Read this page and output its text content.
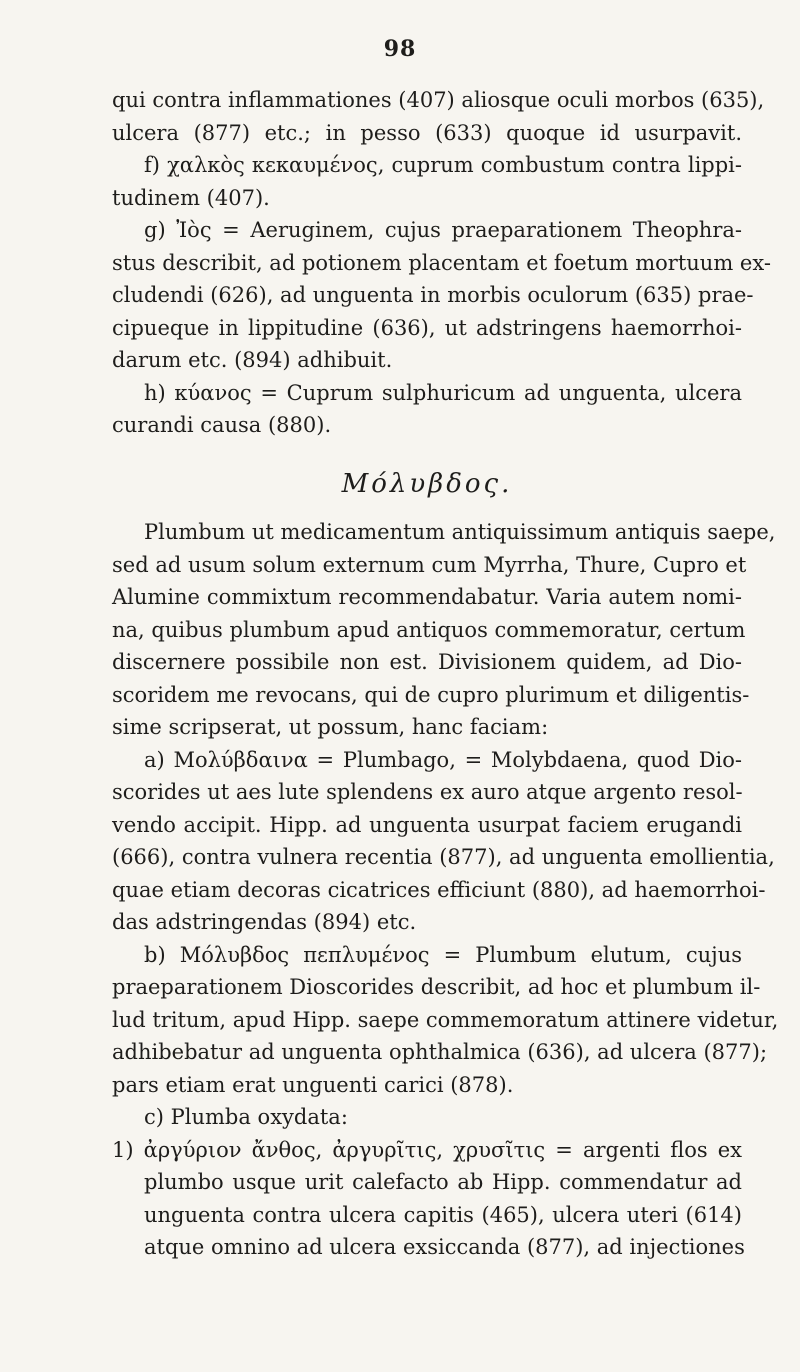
98
qui contra inflammationes (407) aliosque oculi morbos (635),
ulcera (877) etc.; in pesso (633) quoque id usurpavit.
f) χαλκὸς κεκαυμένος, cuprum combustum contra lippi-
tudinem (407).
g) Ἰὸς = Aeruginem, cujus praeparationem Theophra-
stus describit, ad potionem placentam et foetum mortuum ex-
cludendi (626), ad unguenta in morbis oculorum (635) prae-
cipueque in lippitudine (636), ut adstringens haemorrhoi-
darum etc. (894) adhibuit.
h) κύανος = Cuprum sulphuricum ad unguenta, ulcera
curandi causa (880).
Μόλυβδος.
Plumbum ut medicamentum antiquissimum antiquis saepe,
sed ad usum solum externum cum Myrrha, Thure, Cupro et
Alumine commixtum recommendabatur. Varia autem nomi-
na, quibus plumbum apud antiquos commemoratur, certum
discernere possibile non est. Divisionem quidem, ad Dio-
scoridem me revocans, qui de cupro plurimum et diligentis-
sime scripserat, ut possum, hanc faciam:
a) Μολύβδαινα = Plumbago, = Molybdaena, quod Dio-
scorides ut aes lute splendens ex auro atque argento resol-
vendo accipit. Hipp. ad unguenta usurpat faciem erugandi
(666), contra vulnera recentia (877), ad unguenta emollientia,
quae etiam decoras cicatrices efficiunt (880), ad haemorrhoi-
das adstringendas (894) etc.
b) Μόλυβδος πεπλυμένος = Plumbum elutum, cujus
praeparationem Dioscorides describit, ad hoc et plumbum il-
lud tritum, apud Hipp. saepe commemoratum attinere videtur,
adhibebatur ad unguenta ophthalmica (636), ad ulcera (877);
pars etiam erat unguenti carici (878).
c) Plumba oxydata:
1) ἀργύριον ἄνθος, ἀργυρῖτις, χρυσῖτις = argenti flos ex
plumbo usque urit calefacto ab Hipp. commendatur ad
unguenta contra ulcera capitis (465), ulcera uteri (614)
atque omnino ad ulcera exsiccanda (877), ad injectiones
